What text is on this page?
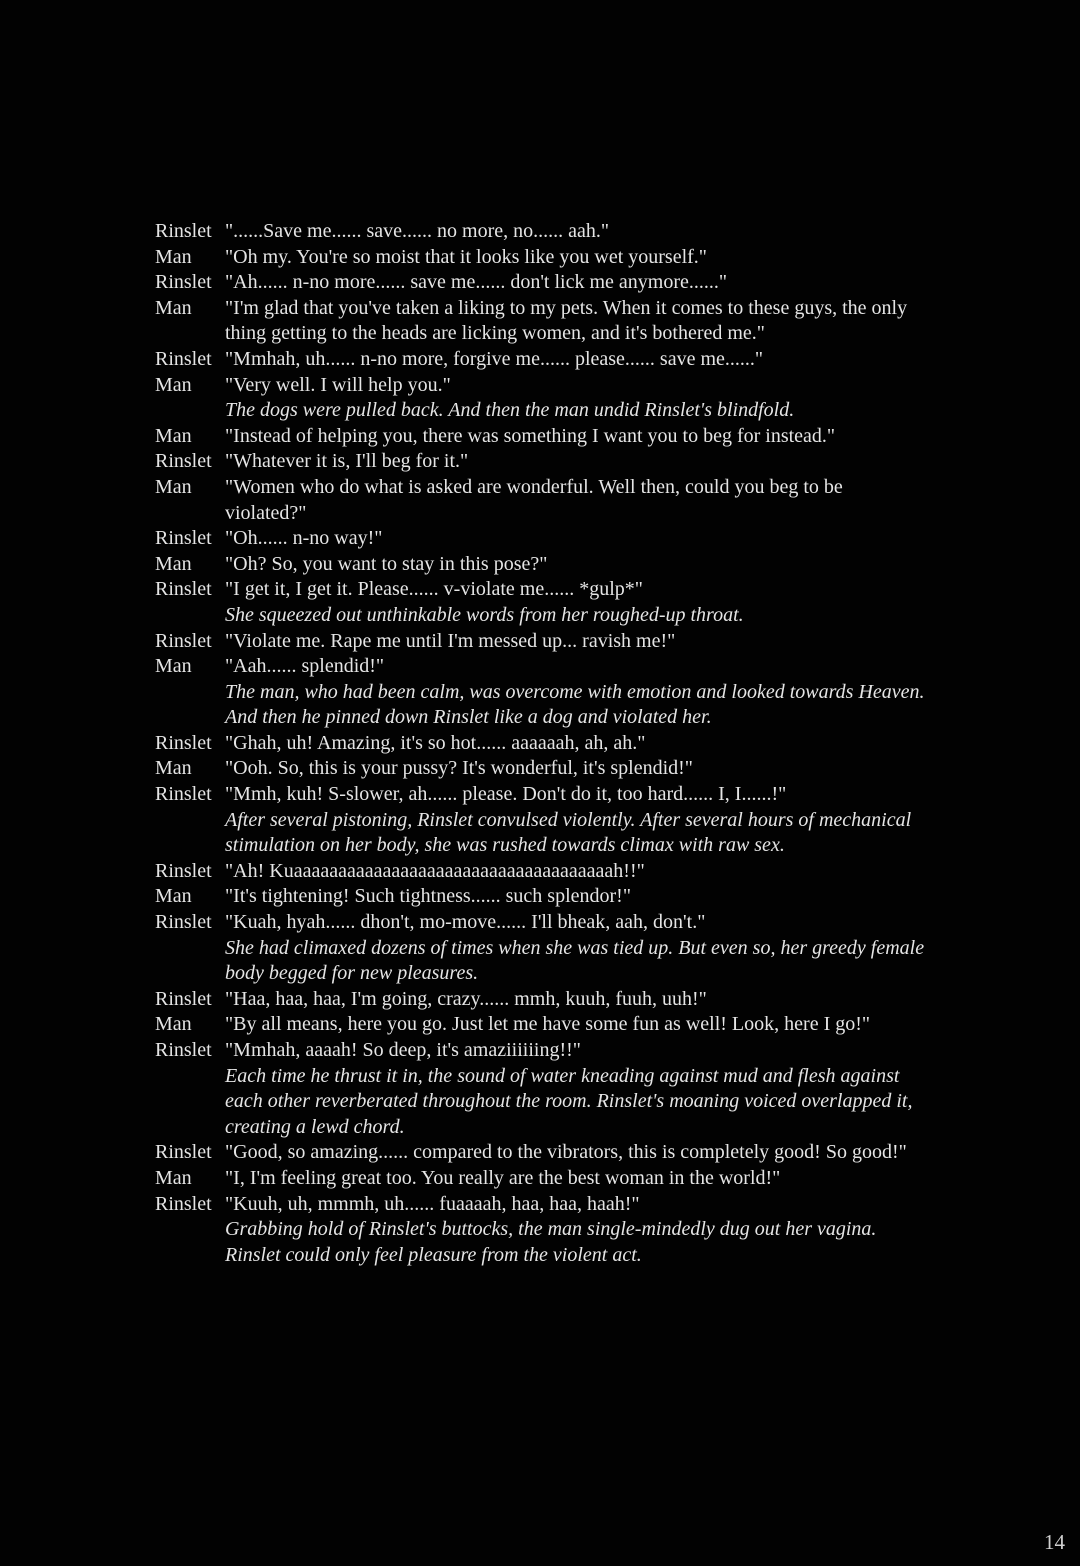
Rinslet "......Save me...... save...... no more, no...... aah."
Man	"Oh my. You're so moist that it looks like you wet yourself."
Rinslet "Ah...... n-no more...... save me...... don't lick me anymore......"
Man	"I'm glad that you've taken a liking to my pets. When it comes to these guys, the only thing getting to the heads are licking women, and it's bothered me."
Rinslet "Mmhah, uh...... n-no more, forgive me...... please...... save me......"
Man	"Very well. I will help you."
The dogs were pulled back. And then the man undid Rinslet's blindfold.
Man	"Instead of helping you, there was something I want you to beg for instead."
Rinslet "Whatever it is, I'll beg for it."
Man	"Women who do what is asked are wonderful. Well then, could you beg to be violated?"
Rinslet "Oh...... n-no way!"
Man	"Oh? So, you want to stay in this pose?"
Rinslet "I get it, I get it. Please...... v-violate me...... *gulp*"
She squeezed out unthinkable words from her roughed-up throat.
Rinslet "Violate me. Rape me until I'm messed up... ravish me!"
Man	"Aah...... splendid!"
The man, who had been calm, was overcome with emotion and looked towards Heaven. And then he pinned down Rinslet like a dog and violated her.
Rinslet "Ghah, uh! Amazing, it's so hot...... aaaaaah, ah, ah."
Man	"Ooh. So, this is your pussy? It's wonderful, it's splendid!"
Rinslet "Mmh, kuh! S-slower, ah...... please. Don't do it, too hard...... I, I......!"
After several pistoning, Rinslet convulsed violently. After several hours of mechanical stimulation on her body, she was rushed towards climax with raw sex.
Rinslet "Ah! Kuaaaaaaaaaaaaaaaaaaaaaaaaaaaaaaaaaaaah!!"
Man	"It's tightening! Such tightness...... such splendor!"
Rinslet "Kuah, hyah...... dhon't, mo-move...... I'll bheak, aah, don't."
She had climaxed dozens of times when she was tied up. But even so, her greedy female body begged for new pleasures.
Rinslet "Haa, haa, haa, I'm going, crazy...... mmh, kuuh, fuuh, uuh!"
Man	"By all means, here you go. Just let me have some fun as well! Look, here I go!"
Rinslet "Mmhah, aaaah! So deep, it's amaziiiiiing!!"
Each time he thrust it in, the sound of water kneading against mud and flesh against each other reverberated throughout the room. Rinslet's moaning voiced overlapped it, creating a lewd chord.
Rinslet "Good, so amazing...... compared to the vibrators, this is completely good! So good!"
Man	"I, I'm feeling great too. You really are the best woman in the world!"
Rinslet "Kuuh, uh, mmmh, uh...... fuaaaah, haa, haa, haah!"
Grabbing hold of Rinslet's buttocks, the man single-mindedly dug out her vagina. Rinslet could only feel pleasure from the violent act.
14
